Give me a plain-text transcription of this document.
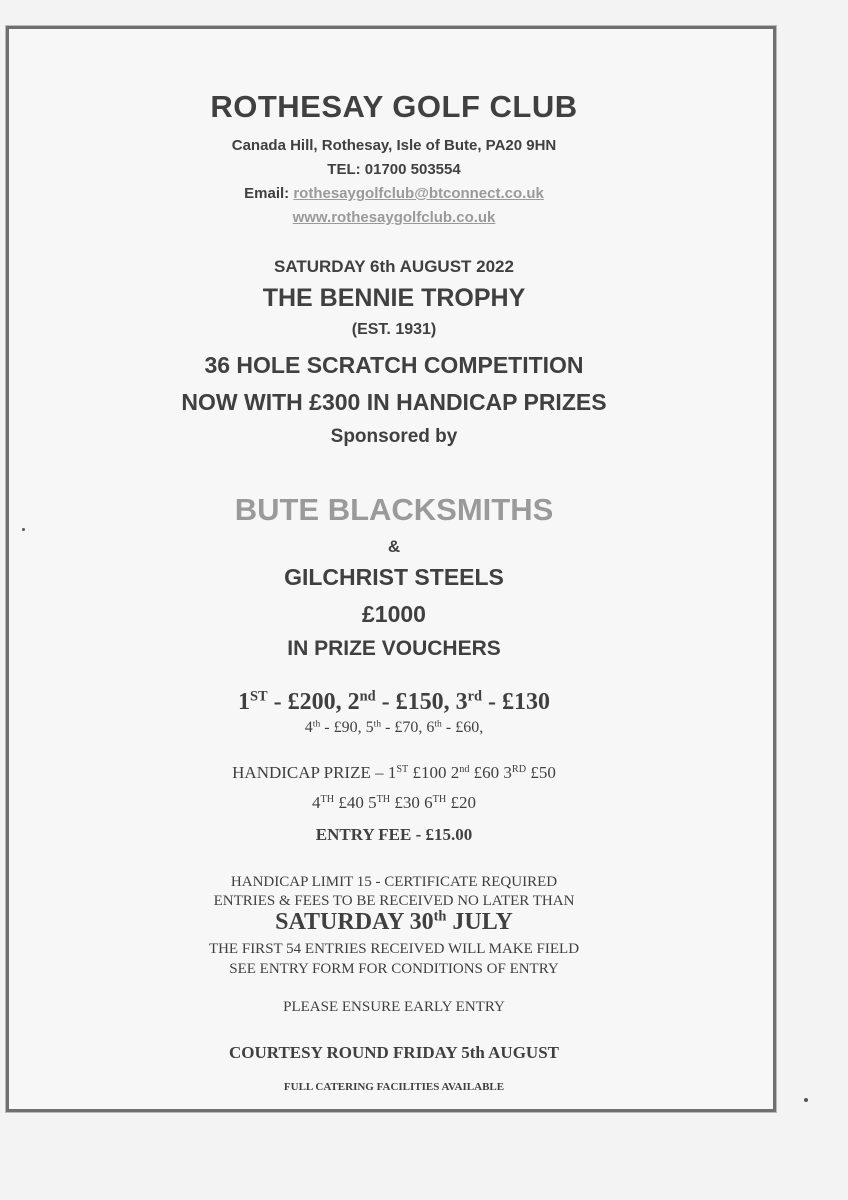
ROTHESAY GOLF CLUB
Canada Hill, Rothesay, Isle of Bute, PA20 9HN
TEL: 01700 503554
Email: rothesaygolfclub@btconnect.co.uk
www.rothesaygolfclub.co.uk
SATURDAY 6th AUGUST 2022
THE BENNIE TROPHY
(EST. 1931)
36 HOLE SCRATCH COMPETITION
NOW WITH £300 IN HANDICAP PRIZES
Sponsored by
BUTE BLACKSMITHS
&
GILCHRIST STEELS
£1000
IN PRIZE VOUCHERS
1ST - £200, 2nd - £150, 3rd - £130
4th - £90, 5th - £70, 6th - £60,
HANDICAP PRIZE – 1ST £100 2nd £60 3RD £50
4TH £40 5TH £30 6TH £20
ENTRY FEE - £15.00
HANDICAP LIMIT 15 - CERTIFICATE REQUIRED
ENTRIES & FEES TO BE RECEIVED NO LATER THAN
SATURDAY 30th JULY
THE FIRST 54 ENTRIES RECEIVED WILL MAKE FIELD
SEE ENTRY FORM FOR CONDITIONS OF ENTRY
PLEASE ENSURE EARLY ENTRY
COURTESY ROUND FRIDAY 5th AUGUST
FULL CATERING FACILITIES AVAILABLE
